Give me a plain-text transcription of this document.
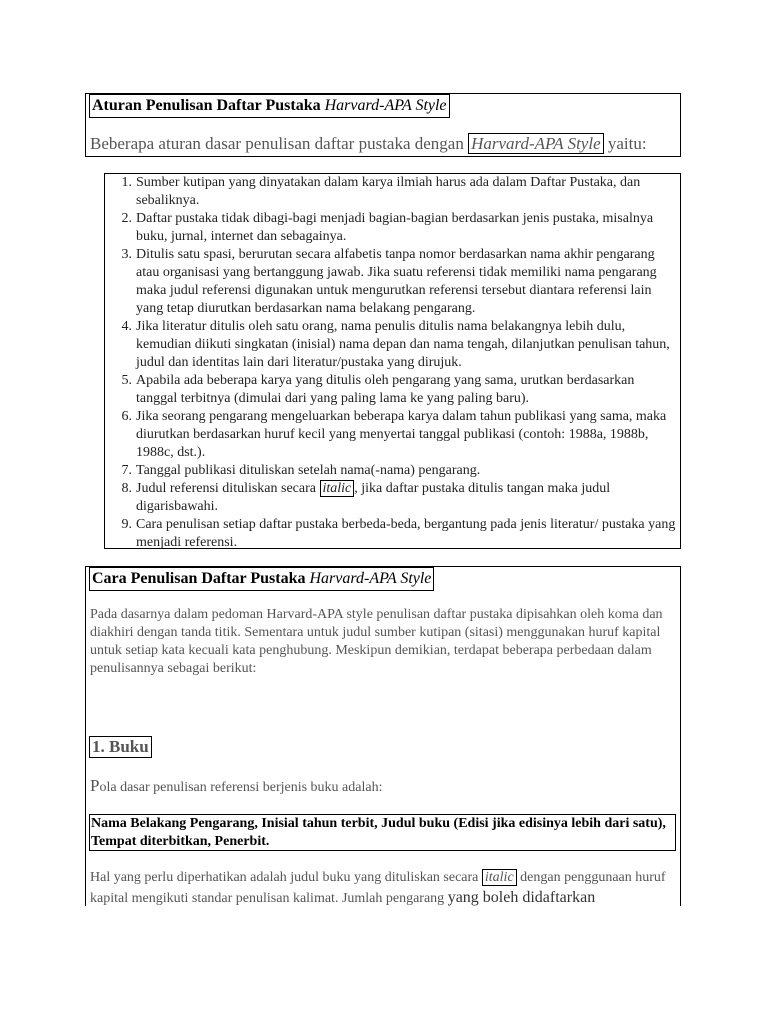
Aturan Penulisan Daftar Pustaka Harvard-APA Style
Beberapa aturan dasar penulisan daftar pustaka dengan Harvard-APA Style yaitu:
1. Sumber kutipan yang dinyatakan dalam karya ilmiah harus ada dalam Daftar Pustaka, dan sebaliknya.
2. Daftar pustaka tidak dibagi-bagi menjadi bagian-bagian berdasarkan jenis pustaka, misalnya buku, jurnal, internet dan sebagainya.
3. Ditulis satu spasi, berurutan secara alfabetis tanpa nomor berdasarkan nama akhir pengarang atau organisasi yang bertanggung jawab. Jika suatu referensi tidak memiliki nama pengarang maka judul referensi digunakan untuk mengurutkan referensi tersebut diantara referensi lain yang tetap diurutkan berdasarkan nama belakang pengarang.
4. Jika literatur ditulis oleh satu orang, nama penulis ditulis nama belakangnya lebih dulu, kemudian diikuti singkatan (inisial) nama depan dan nama tengah, dilanjutkan penulisan tahun, judul dan identitas lain dari literatur/pustaka yang dirujuk.
5. Apabila ada beberapa karya yang ditulis oleh pengarang yang sama, urutkan berdasarkan tanggal terbitnya (dimulai dari yang paling lama ke yang paling baru).
6. Jika seorang pengarang mengeluarkan beberapa karya dalam tahun publikasi yang sama, maka diurutkan berdasarkan huruf kecil yang menyertai tanggal publikasi (contoh: 1988a, 1988b, 1988c, dst.).
7. Tanggal publikasi dituliskan setelah nama(-nama) pengarang.
8. Judul referensi dituliskan secara italic , jika daftar pustaka ditulis tangan maka judul digarisbawahi.
9. Cara penulisan setiap daftar pustaka berbeda-beda, bergantung pada jenis literatur/ pustaka yang menjadi referensi.
Cara Penulisan Daftar Pustaka Harvard-APA Style

Pada dasarnya dalam pedoman Harvard-APA style penulisan daftar pustaka dipisahkan oleh koma dan diakhiri dengan tanda titik. Sementara untuk judul sumber kutipan (sitasi) menggunakan huruf kapital untuk setiap kata kecuali kata penghubung. Meskipun demikian, terdapat beberapa perbedaan dalam penulisannya sebagai berikut:

1. Buku
Pola dasar penulisan referensi berjenis buku adalah:

Nama Belakang Pengarang, Inisial tahun terbit, Judul buku (Edisi jika edisinya lebih dari satu), Tempat diterbitkan, Penerbit.

Hal yang perlu diperhatikan adalah judul buku yang dituliskan secara italic dengan penggunaan huruf kapital mengikuti standar penulisan kalimat. Jumlah pengarang yang boleh didaftarkan
